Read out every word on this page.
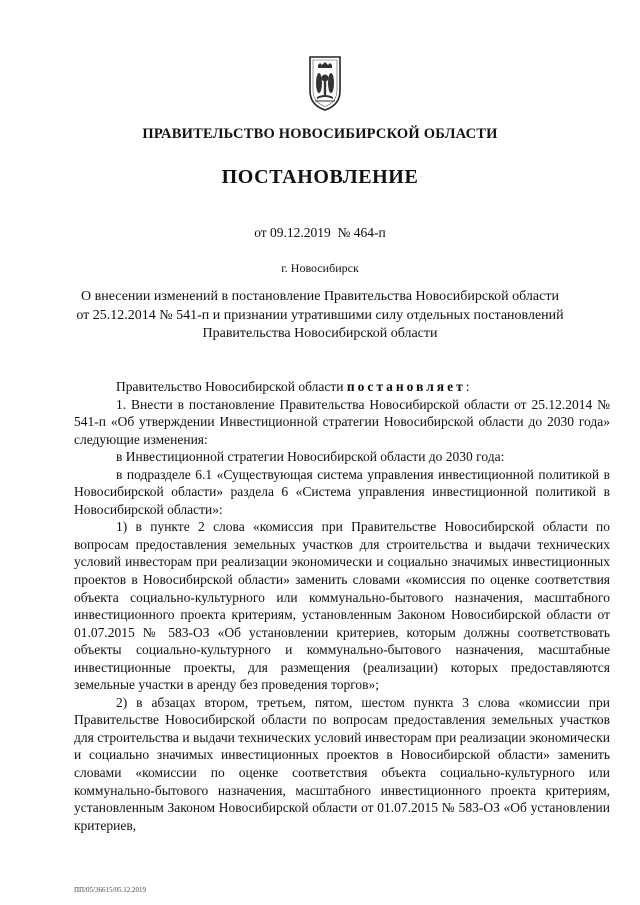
ПРАВИТЕЛЬСТВО НОВОСИБИРСКОЙ ОБЛАСТИ
ПОСТАНОВЛЕНИЕ
от 09.12.2019  № 464-п
г. Новосибирск
О внесении изменений в постановление Правительства Новосибирской области
от 25.12.2014 № 541-п и признании утратившими силу отдельных постановлений
Правительства Новосибирской области

Правительство Новосибирской области постановляет:

1. Внести в постановление Правительства Новосибирской области от 25.12.2014 № 541-п «Об утверждении Инвестиционной стратегии Новосибирской области до 2030 года» следующие изменения:

в Инвестиционной стратегии Новосибирской области до 2030 года:

в подразделе 6.1 «Существующая система управления инвестиционной политикой в Новосибирской области» раздела 6 «Система управления инвестиционной политикой в Новосибирской области»:

1) в пункте 2 слова «комиссия при Правительстве Новосибирской области по вопросам предоставления земельных участков для строительства и выдачи технических условий инвесторам при реализации экономически и социально значимых инвестиционных проектов в Новосибирской области» заменить словами «комиссия по оценке соответствия объекта социально-культурного или коммунально-бытового назначения, масштабного инвестиционного проекта критериям, установленным Законом Новосибирской области от 01.07.2015 № 583-ОЗ «Об установлении критериев, которым должны соответствовать объекты социально-культурного и коммунально-бытового назначения, масштабные инвестиционные проекты, для размещения (реализации) которых предоставляются земельные участки в аренду без проведения торгов»;

2) в абзацах втором, третьем, пятом, шестом пункта 3 слова «комиссии при Правительстве Новосибирской области по вопросам предоставления земельных участков для строительства и выдачи технических условий инвесторам при реализации экономически и социально значимых инвестиционных проектов в Новосибирской области» заменить словами «комиссии по оценке соответствия объекта социально-культурного или коммунально-бытового назначения, масштабного инвестиционного проекта критериям, установленным Законом Новосибирской области от 01.07.2015 № 583-ОЗ «Об установлении критериев,

ПП/05/36615/05.12.2019
